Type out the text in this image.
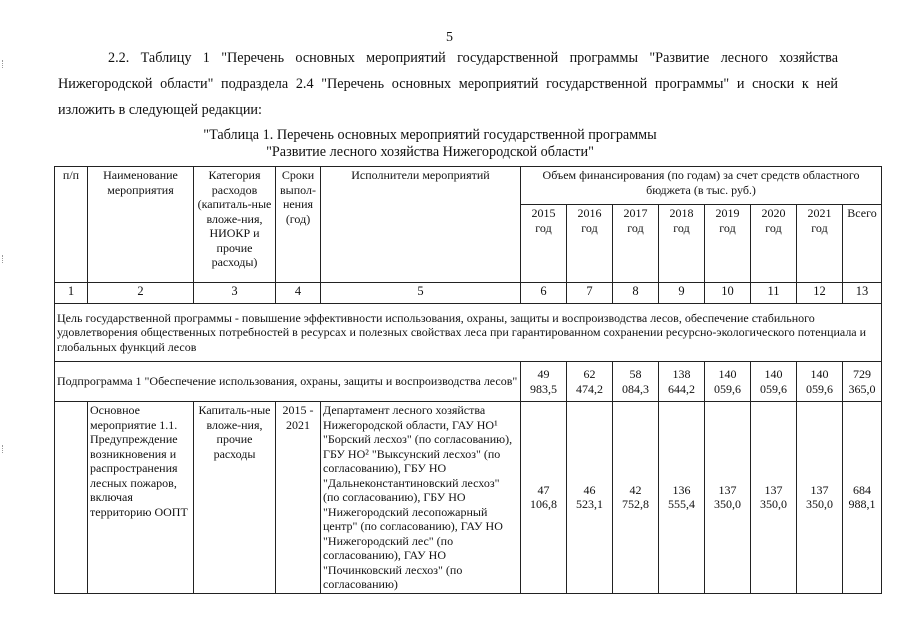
5
2.2. Таблицу 1 "Перечень основных мероприятий государственной программы "Развитие лесного хозяйства Нижегородской области" подраздела 2.4 "Перечень основных мероприятий государственной программы" и сноски к ней изложить в следующей редакции:
"Таблица 1. Перечень основных мероприятий государственной программы
"Развитие лесного хозяйства Нижегородской области"
п/п	Наименование мероприятия	Категория расходов (капиталь-ные вложе-ния, НИОКР и прочие расходы)	Сроки выпол-нения (год)	Исполнители мероприятий	Объем финансирования (по годам) за счет средств областного бюджета (в тыс. руб.)							
					2015 год	2016 год	2017 год	2018 год	2019 год	2020 год	2021 год	Всего
1	2	3	4	5	6	7	8	9	10	11	12	13
Цель государственной программы - повышение эффективности использования, охраны, защиты и воспроизводства лесов, обеспечение стабильного удовлетворения общественных потребностей в ресурсах и полезных свойствах леса при гарантированном сохранении ресурсно-экологического потенциала и глобальных функций лесов												
Подпрограмма 1 "Обеспечение использования, охраны, защиты и воспроизводства лесов"					49 983,5	62 474,2	58 084,3	138 644,2	140 059,6	140 059,6	140 059,6	729 365,0
	Основное мероприятие 1.1. Предупреждение возникновения и распространения лесных пожаров, включая территорию ООПТ	Капиталь-ные вложе-ния, прочие расходы	2015 - 2021	Департамент лесного хозяйства Нижегородской области, ГАУ НО¹ "Борский лесхоз" (по согласованию), ГБУ НО² "Выксунский лесхоз" (по согласованию), ГБУ НО "Дальнеконстантиновский лесхоз" (по согласованию), ГБУ НО "Нижегородский лесопожарный центр" (по согласованию), ГАУ НО "Нижегородский лес" (по согласованию), ГАУ НО "Починковский лесхоз" (по согласованию)	47 106,8	46 523,1	42 752,8	136 555,4	137 350,0	137 350,0	137 350,0	684 988,1
